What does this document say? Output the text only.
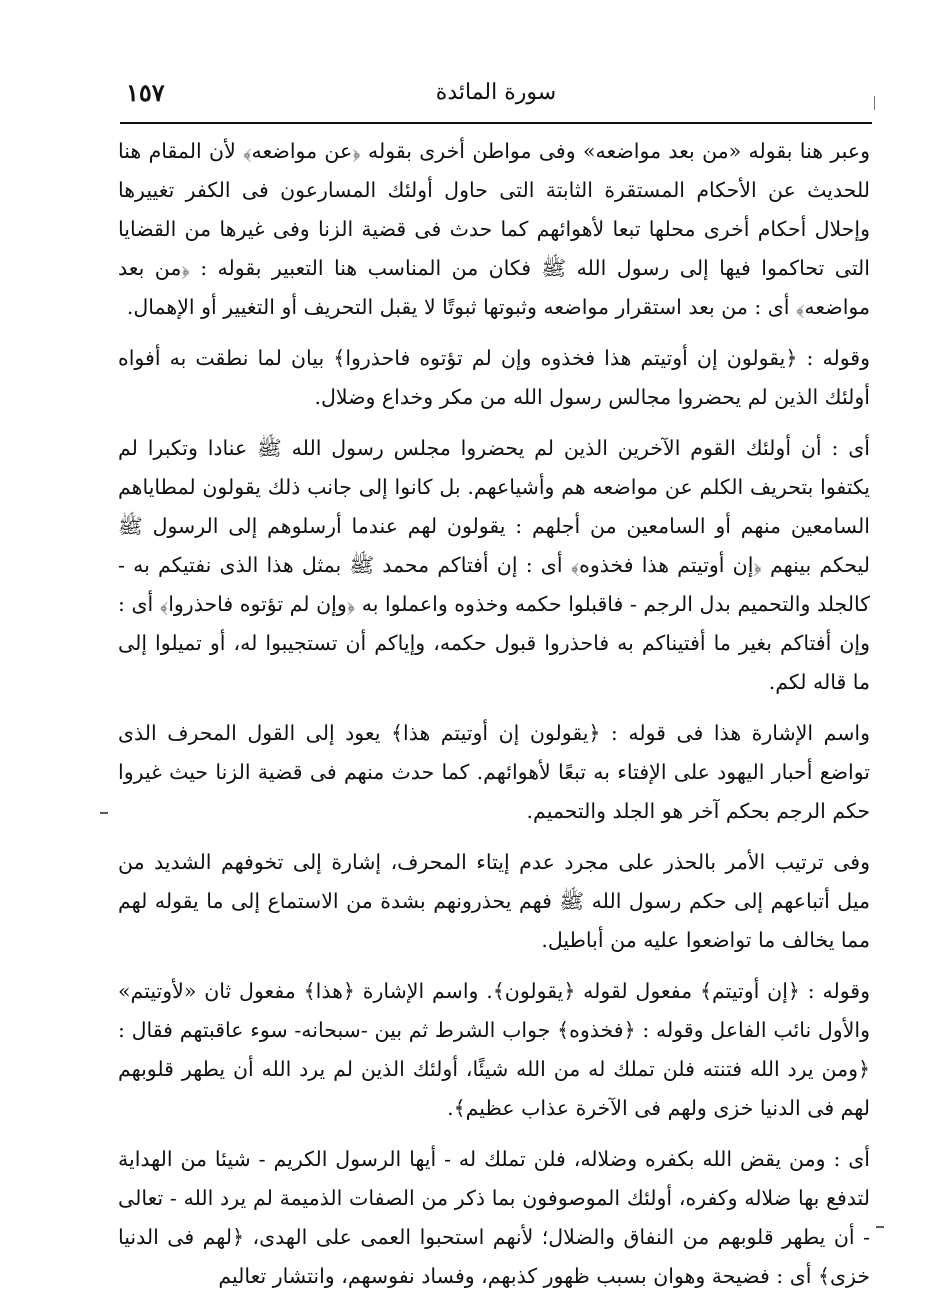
١٥٧	سورة المائدة

وعبر هنا بقوله «من بعد مواضعه» وفى مواطن أخرى بقوله ﴿عن مواضعه﴾ لأن المقام هنا للحديث عن الأحكام المستقرة الثابتة التى حاول أولئك المسارعون فى الكفر تغييرها وإحلال أحكام أخرى محلها تبعا لأهوائهم كما حدث فى قضية الزنا وفى غيرها من القضايا التى تحاكموا فيها إلى رسول الله ﷺ فكان من المناسب هنا التعبير بقوله : ﴿من بعد مواضعه﴾ أى : من بعد استقرار مواضعه وثبوتها ثبوتًا لا يقبل التحريف أو التغيير أو الإهمال.

وقوله : ﴿يقولون إن أوتيتم هذا فخذوه وإن لم تؤتوه فاحذروا﴾ بيان لما نطقت به أفواه أولئك الذين لم يحضروا مجالس رسول الله من مكر وخداع وضلال.

أى : أن أولئك القوم الآخرين الذين لم يحضروا مجلس رسول الله ﷺ عنادا وتكبرا لم يكتفوا بتحريف الكلم عن مواضعه هم وأشياعهم. بل كانوا إلى جانب ذلك يقولون لمطاياهم السامعين منهم أو السامعين من أجلهم : يقولون لهم عندما أرسلوهم إلى الرسول ﷺ ليحكم بينهم ﴿إن أوتيتم هذا فخذوه﴾ أى : إن أفتاكم محمد ﷺ بمثل هذا الذى نفتيكم به - كالجلد والتحميم بدل الرجم - فاقبلوا حكمه وخذوه واعملوا به ﴿وإن لم تؤتوه فاحذروا﴾ أى : وإن أفتاكم بغير ما أفتيناكم به فاحذروا قبول حكمه، وإياكم أن تستجيبوا له، أو تميلوا إلى ما قاله لكم.

واسم الإشارة هذا فى قوله : ﴿يقولون إن أوتيتم هذا﴾ يعود إلى القول المحرف الذى تواضع أحبار اليهود على الإفتاء به تبعًا لأهوائهم. كما حدث منهم فى قضية الزنا حيث غيروا حكم الرجم بحكم آخر هو الجلد والتحميم.

وفى ترتيب الأمر بالحذر على مجرد عدم إيتاء المحرف، إشارة إلى تخوفهم الشديد من ميل أتباعهم إلى حكم رسول الله ﷺ فهم يحذرونهم بشدة من الاستماع إلى ما يقوله لهم مما يخالف ما تواضعوا عليه من أباطيل.

وقوله : ﴿إن أوتيتم﴾ مفعول لقوله ﴿يقولون﴾. واسم الإشارة ﴿هذا﴾ مفعول ثان «لأوتيتم» والأول نائب الفاعل وقوله : ﴿فخذوه﴾ جواب الشرط ثم بين -سبحانه- سوء عاقبتهم فقال : ﴿ومن يرد الله فتنته فلن تملك له من الله شيئًا، أولئك الذين لم يرد الله أن يطهر قلوبهم لهم فى الدنيا خزى ولهم فى الآخرة عذاب عظيم﴾.

أى : ومن يقض الله بكفره وضلاله، فلن تملك له - أيها الرسول الكريم - شيئا من الهداية لتدفع بها ضلاله وكفره، أولئك الموصوفون بما ذكر من الصفات الذميمة لم يرد الله - تعالى - أن يطهر قلوبهم من النفاق والضلال؛ لأنهم استحبوا العمى على الهدى، ﴿لهم فى الدنيا خزى﴾ أى : فضيحة وهوان بسبب ظهور كذبهم، وفساد نفوسهم، وانتشار تعاليم
